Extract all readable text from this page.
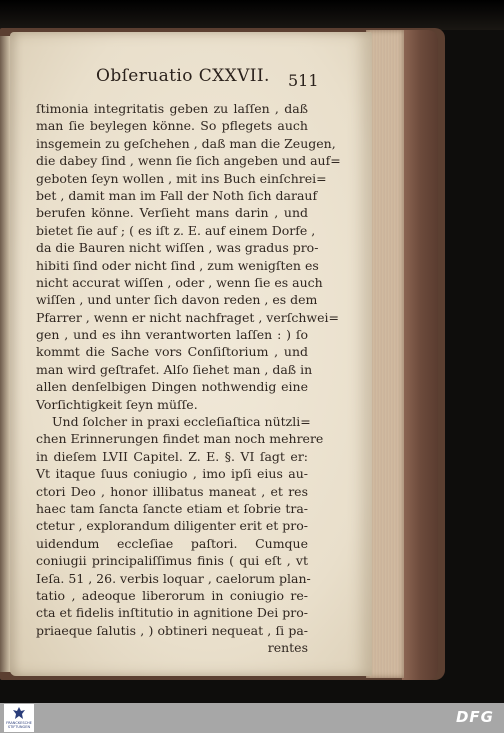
Obſeruatio CXXVII.	511
ſtimonia integritatis geben zu laſſen , daß
man ſie beylegen könne. So pflegets auch
insgemein zu geſchehen , daß man die Zeugen,
die dabey ſind , wenn ſie ſich angeben und auf=
geboten ſeyn wollen , mit ins Buch einſchrei=
bet , damit man im Fall der Noth ſich darauf
berufen könne. Verſieht mans darin , und
bietet ſie auf ; ( es iſt z. E. auf einem Dorfe ,
da die Bauren nicht wiſſen , was gradus pro-
hibiti ſind oder nicht ſind , zum wenigſten es
nicht accurat wiſſen , oder , wenn ſie es auch
wiſſen , und unter ſich davon reden , es dem
Pfarrer , wenn er nicht nachfraget , verſchwei=
gen , und es ihn verantworten laſſen : ) ſo
kommt die Sache vors Conſiſtorium , und
man wird geſtrafet. Alſo ſiehet man , daß in
allen denſelbigen Dingen nothwendig eine
Vorſichtigkeit ſeyn müſſe.
Und ſolcher in praxi eccleſiaſtica nützli=
chen Erinnerungen findet man noch mehrere
in dieſem LVII Capitel. Z. E. §. VI ſagt er:
Vt itaque ſuus coniugio , imo ipſi eius au-
ctori Deo , honor illibatus maneat , et res
haec tam ſancta ſancte etiam et ſobrie tra-
ctetur , explorandum diligenter erit et pro-
uidendum eccleſiae paſtori. Cumque
coniugii principaliſſimus finis ( qui eſt , vt
Ieſa. 51 , 26. verbis loquar , caelorum plan-
tatio , adeoque liberorum in coniugio re-
cta et fidelis inſtitutio in agnitione Dei pro-
priaeque ſalutis , ) obtineri nequeat , ſi pa-
rentes
FRANCKESCHE STIFTUNGEN
DFG
